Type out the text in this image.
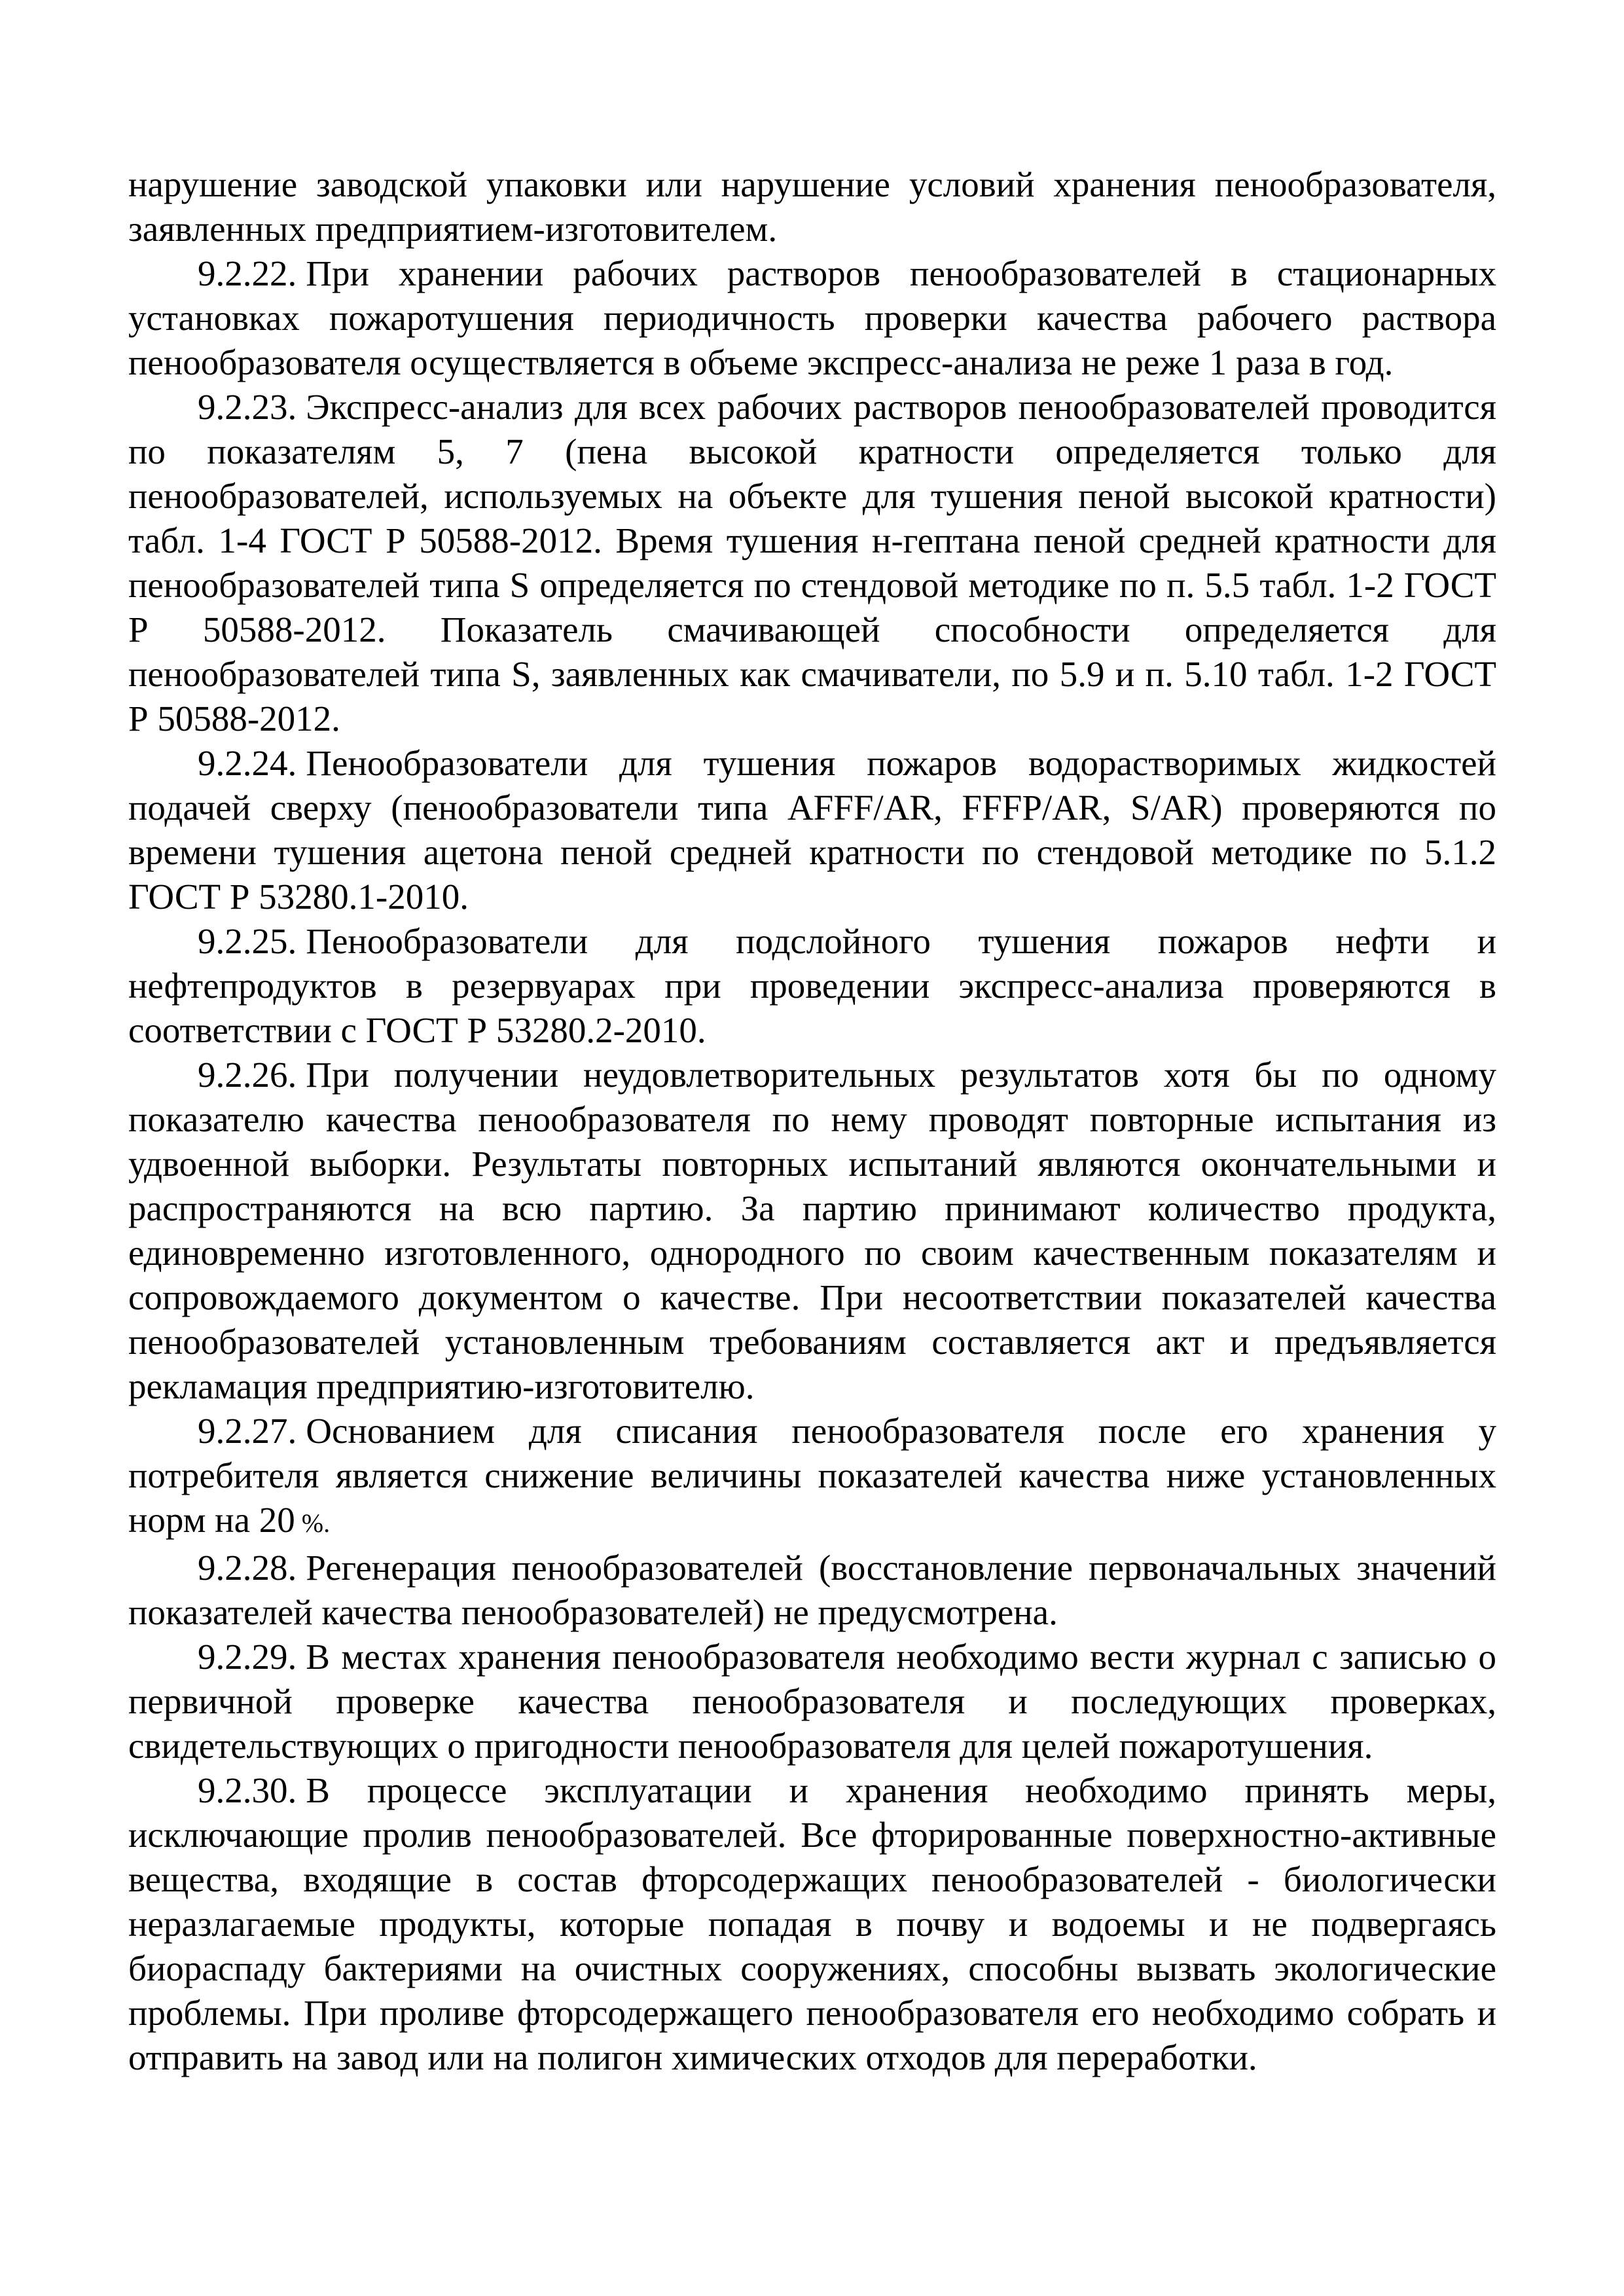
нарушение заводской упаковки или нарушение условий хранения пенообразователя, заявленных предприятием-изготовителем.

9.2.22. При хранении рабочих растворов пенообразователей в стационарных установках пожаротушения периодичность проверки качества рабочего раствора пенообразователя осуществляется в объеме экспресс-анализа не реже 1 раза в год.

9.2.23. Экспресс-анализ для всех рабочих растворов пенообразователей проводится по показателям 5, 7 (пена высокой кратности определяется только для пенообразователей, используемых на объекте для тушения пеной высокой кратности) табл. 1-4 ГОСТ Р 50588-2012. Время тушения н-гептана пеной средней кратности для пенообразователей типа S определяется по стендовой методике по п. 5.5 табл. 1-2 ГОСТ Р 50588-2012. Показатель смачивающей способности определяется для пенообразователей типа S, заявленных как смачиватели, по 5.9 и п. 5.10 табл. 1-2 ГОСТ Р 50588-2012.

9.2.24. Пенообразователи для тушения пожаров водорастворимых жидкостей подачей сверху (пенообразователи типа AFFF/AR, FFFP/AR, S/AR) проверяются по времени тушения ацетона пеной средней кратности по стендовой методике по 5.1.2 ГОСТ Р 53280.1-2010.

9.2.25. Пенообразователи для подслойного тушения пожаров нефти и нефтепродуктов в резервуарах при проведении экспресс-анализа проверяются в соответствии с ГОСТ Р 53280.2-2010.

9.2.26. При получении неудовлетворительных результатов хотя бы по одному показателю качества пенообразователя по нему проводят повторные испытания из удвоенной выборки. Результаты повторных испытаний являются окончательными и распространяются на всю партию. За партию принимают количество продукта, единовременно изготовленного, однородного по своим качественным показателям и сопровождаемого документом о качестве. При несоответствии показателей качества пенообразователей установленным требованиям составляется акт и предъявляется рекламация предприятию-изготовителю.

9.2.27. Основанием для списания пенообразователя после его хранения у потребителя является снижение величины показателей качества ниже установленных норм на 20 %.

9.2.28. Регенерация пенообразователей (восстановление первоначальных значений показателей качества пенообразователей) не предусмотрена.

9.2.29. В местах хранения пенообразователя необходимо вести журнал с записью о первичной проверке качества пенообразователя и последующих проверках, свидетельствующих о пригодности пенообразователя для целей пожаротушения.

9.2.30. В процессе эксплуатации и хранения необходимо принять меры, исключающие пролив пенообразователей. Все фторированные поверхностно-активные вещества, входящие в состав фторсодержащих пенообразователей - биологически неразлагаемые продукты, которые попадая в почву и водоемы и не подвергаясь биораспаду бактериями на очистных сооружениях, способны вызвать экологические проблемы. При проливе фторсодержащего пенообразователя его необходимо собрать и отправить на завод или на полигон химических отходов для переработки.
